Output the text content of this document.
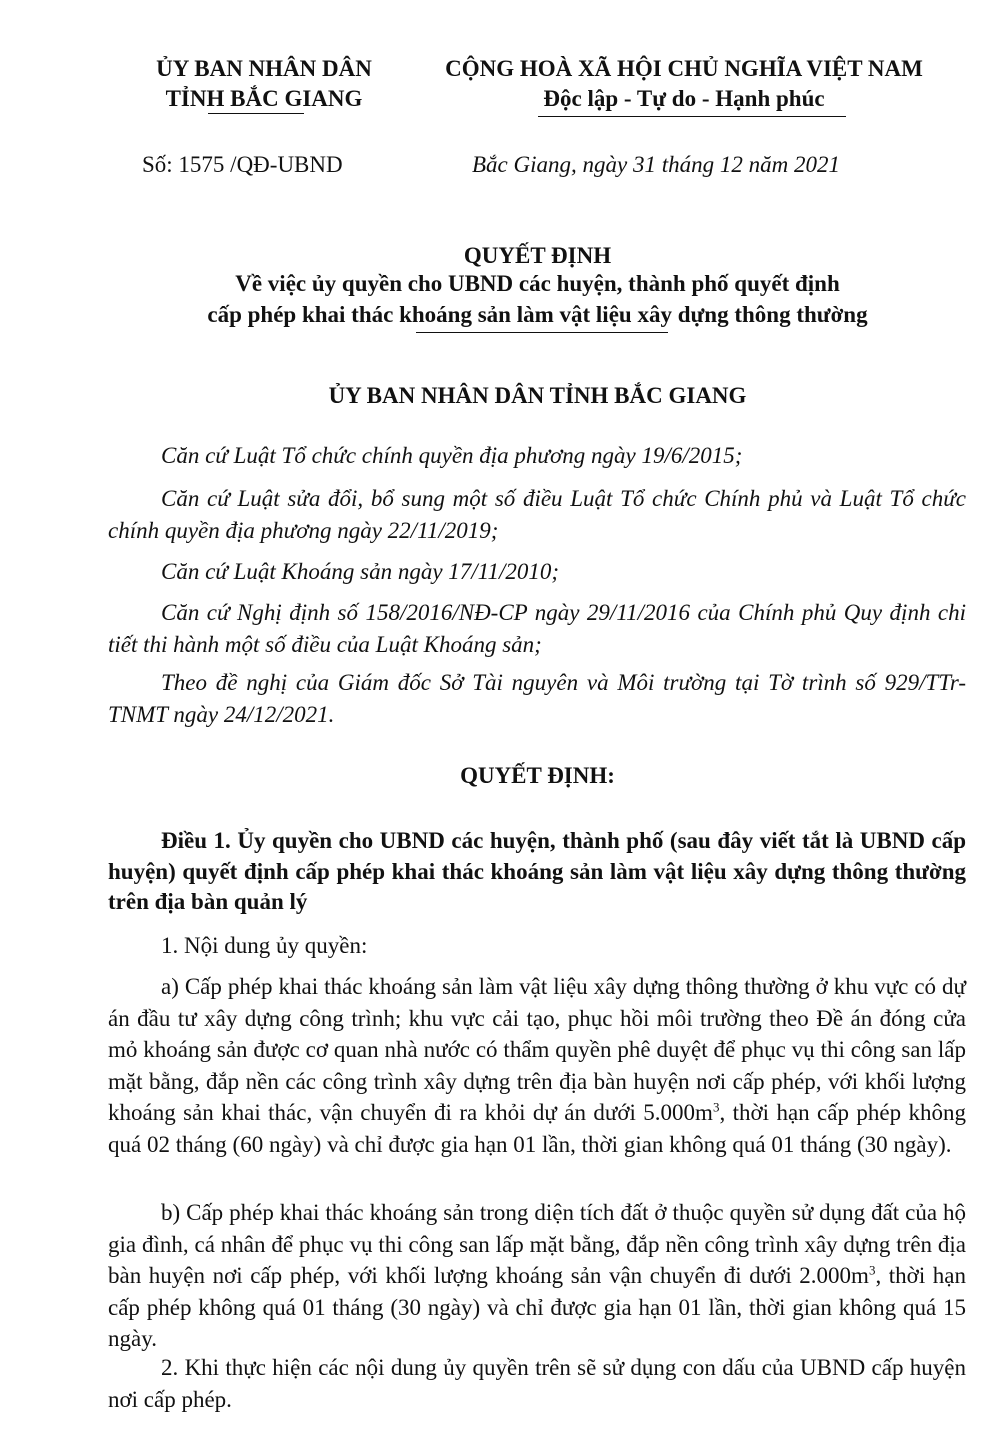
ỦY BAN NHÂN DÂN
TỈNH BẮC GIANG
Số: 1575 /QĐ-UBND
CỘNG HOÀ XÃ HỘI CHỦ NGHĨA VIỆT NAM
Độc lập - Tự do - Hạnh phúc
Bắc Giang, ngày 31 tháng 12 năm 2021
QUYẾT ĐỊNH
Về việc ủy quyền cho UBND các huyện, thành phố quyết định
cấp phép khai thác khoáng sản làm vật liệu xây dựng thông thường
ỦY BAN NHÂN DÂN TỈNH BẮC GIANG

Căn cứ Luật Tổ chức chính quyền địa phương ngày 19/6/2015;

Căn cứ Luật sửa đổi, bổ sung một số điều Luật Tổ chức Chính phủ và Luật Tổ chức chính quyền địa phương ngày 22/11/2019;

Căn cứ Luật Khoáng sản ngày 17/11/2010;

Căn cứ Nghị định số 158/2016/NĐ-CP ngày 29/11/2016 của Chính phủ Quy định chi tiết thi hành một số điều của Luật Khoáng sản;

Theo đề nghị của Giám đốc Sở Tài nguyên và Môi trường tại Tờ trình số 929/TTr-TNMT ngày 24/12/2021.

QUYẾT ĐỊNH:

Điều 1. Ủy quyền cho UBND các huyện, thành phố (sau đây viết tắt là UBND cấp huyện) quyết định cấp phép khai thác khoáng sản làm vật liệu xây dựng thông thường trên địa bàn quản lý

1. Nội dung ủy quyền:

a) Cấp phép khai thác khoáng sản làm vật liệu xây dựng thông thường ở khu vực có dự án đầu tư xây dựng công trình; khu vực cải tạo, phục hồi môi trường theo Đề án đóng cửa mỏ khoáng sản được cơ quan nhà nước có thẩm quyền phê duyệt để phục vụ thi công san lấp mặt bằng, đắp nền các công trình xây dựng trên địa bàn huyện nơi cấp phép, với khối lượng khoáng sản khai thác, vận chuyển đi ra khỏi dự án dưới $5.000m^3$, thời hạn cấp phép không quá 02 tháng (60 ngày) và chỉ được gia hạn 01 lần, thời gian không quá 01 tháng (30 ngày).

b) Cấp phép khai thác khoáng sản trong diện tích đất ở thuộc quyền sử dụng đất của hộ gia đình, cá nhân để phục vụ thi công san lấp mặt bằng, đắp nền công trình xây dựng trên địa bàn huyện nơi cấp phép, với khối lượng khoáng sản vận chuyển đi dưới $2.000m^3$, thời hạn cấp phép không quá 01 tháng (30 ngày) và chỉ được gia hạn 01 lần, thời gian không quá 15 ngày.

2. Khi thực hiện các nội dung ủy quyền trên sẽ sử dụng con dấu của UBND cấp huyện nơi cấp phép.
